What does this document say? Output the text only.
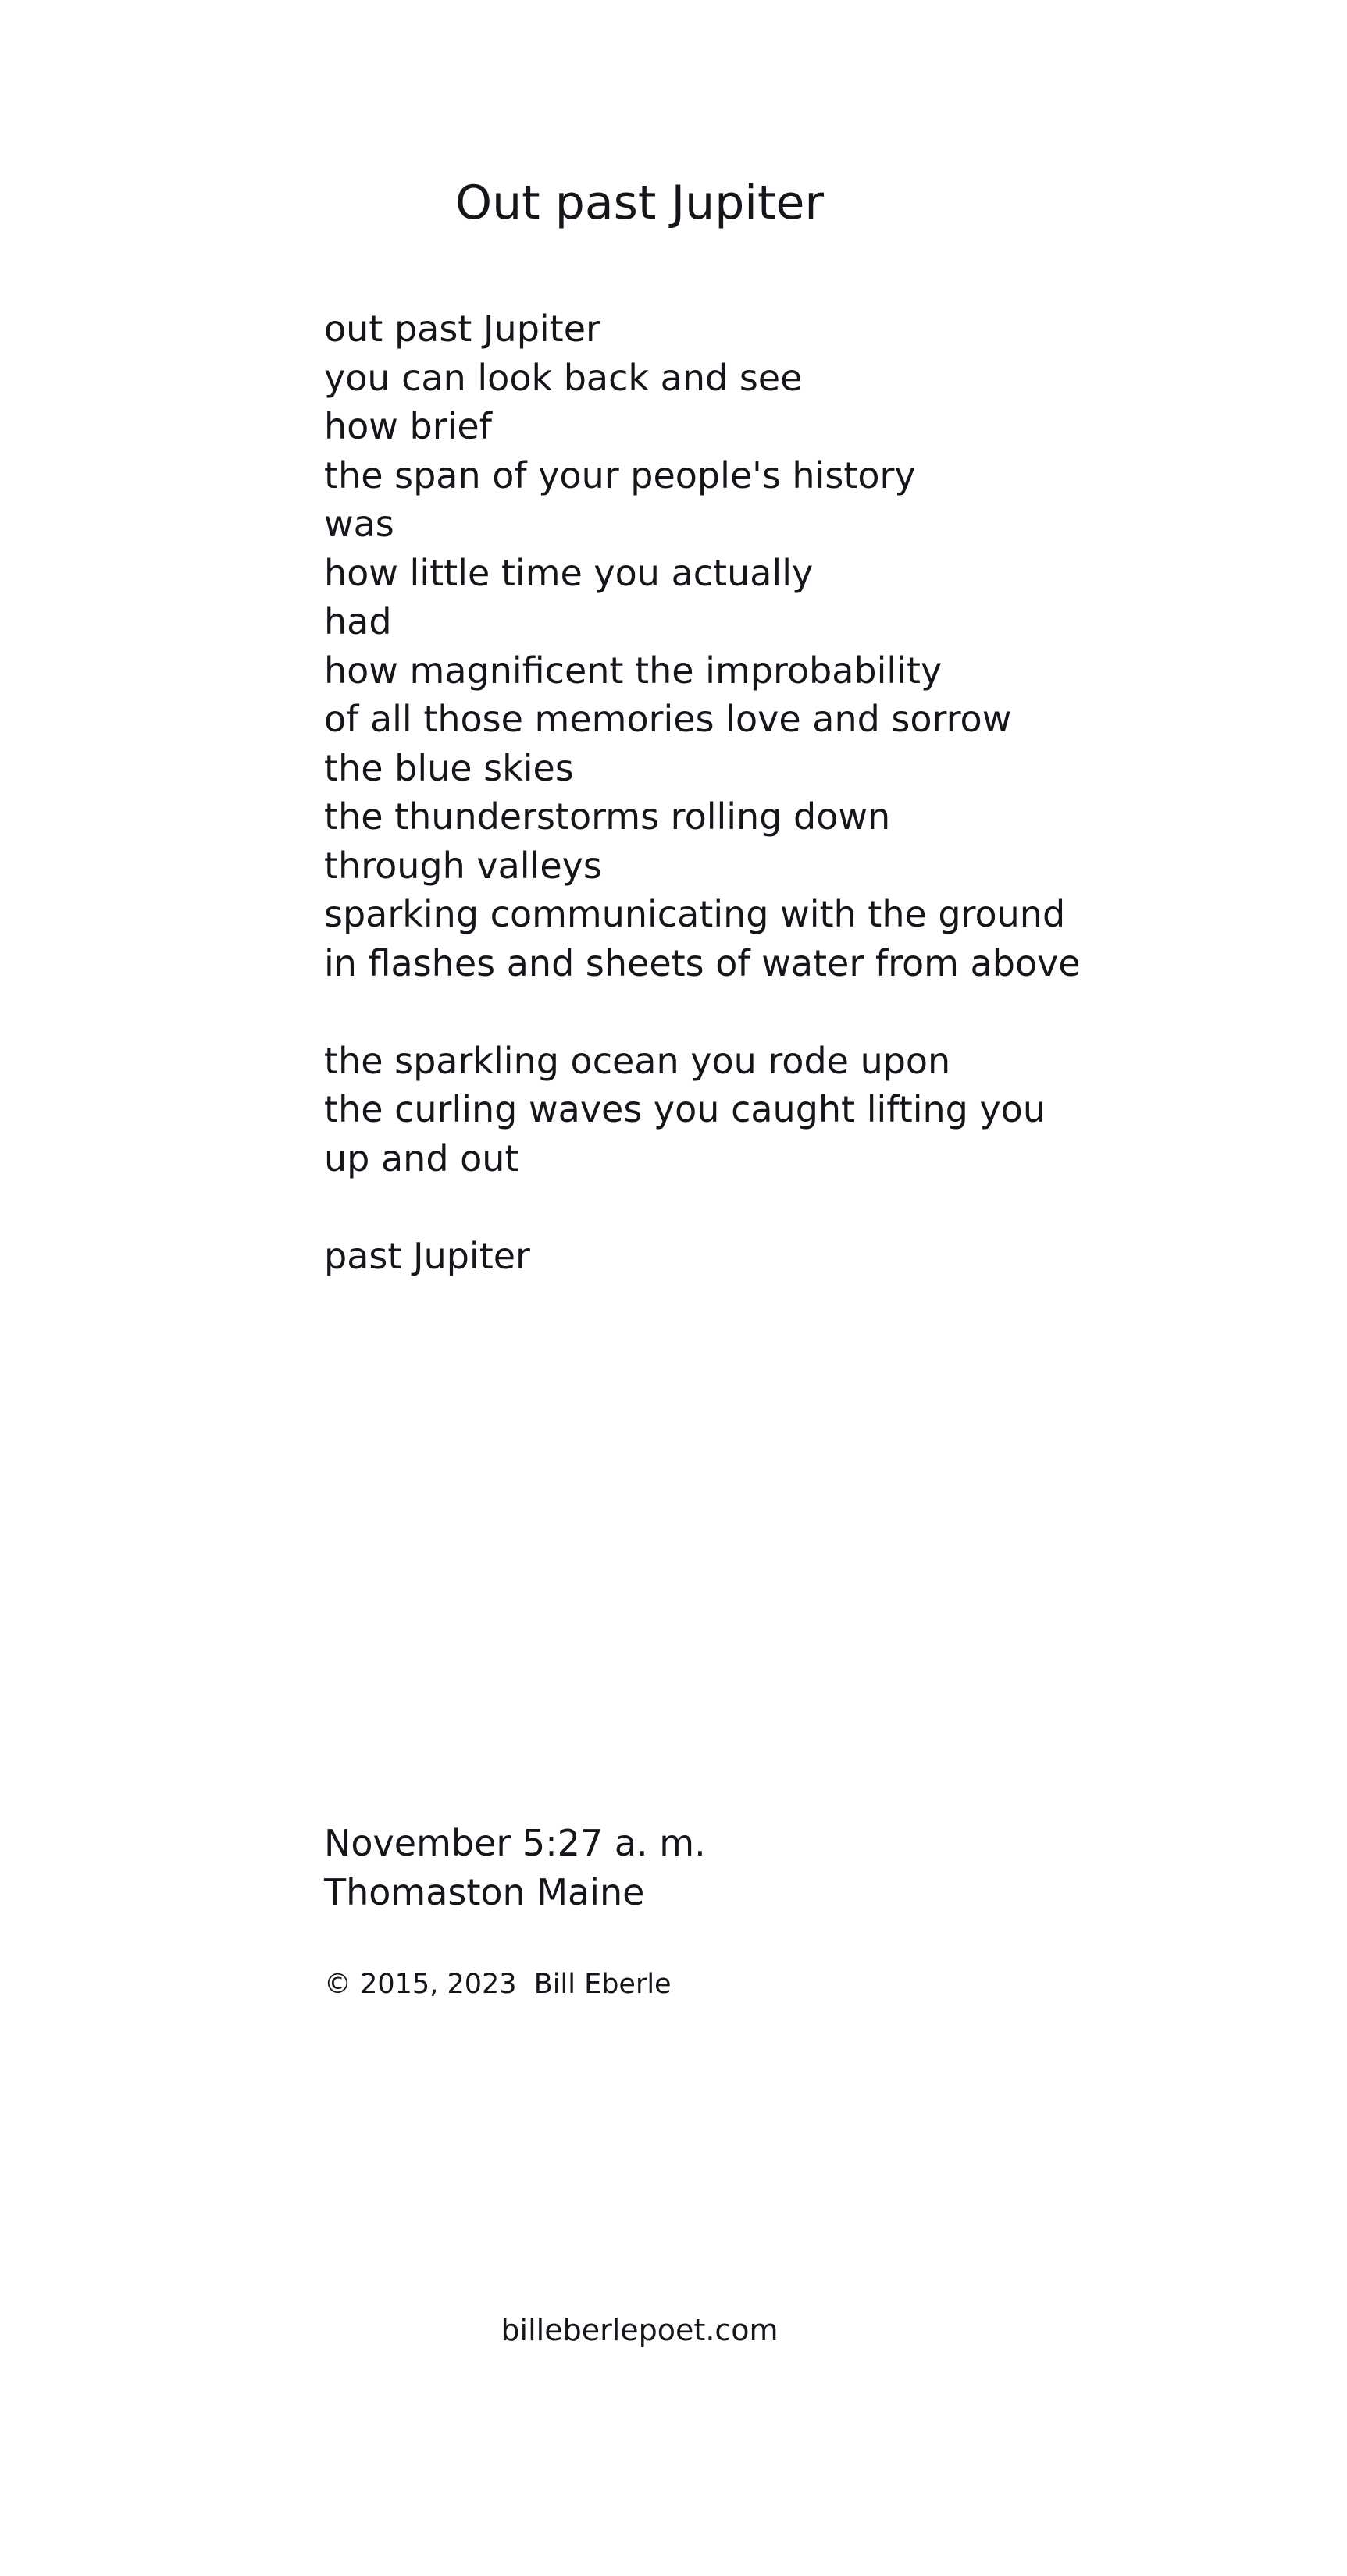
Out past Jupiter
out past Jupiter
you can look back and see
how brief
the span of your people's history
was
how little time you actually
had
how magnificent the improbability
of all those memories love and sorrow
the blue skies
the thunderstorms rolling down
through valleys
sparking communicating with the ground
in flashes and sheets of water from above
the sparkling ocean you rode upon
the curling waves you caught lifting you
up and out
past Jupiter
November 5:27 a. m.
Thomaston Maine
© 2015, 2023  Bill Eberle
billeberlepoet.com
